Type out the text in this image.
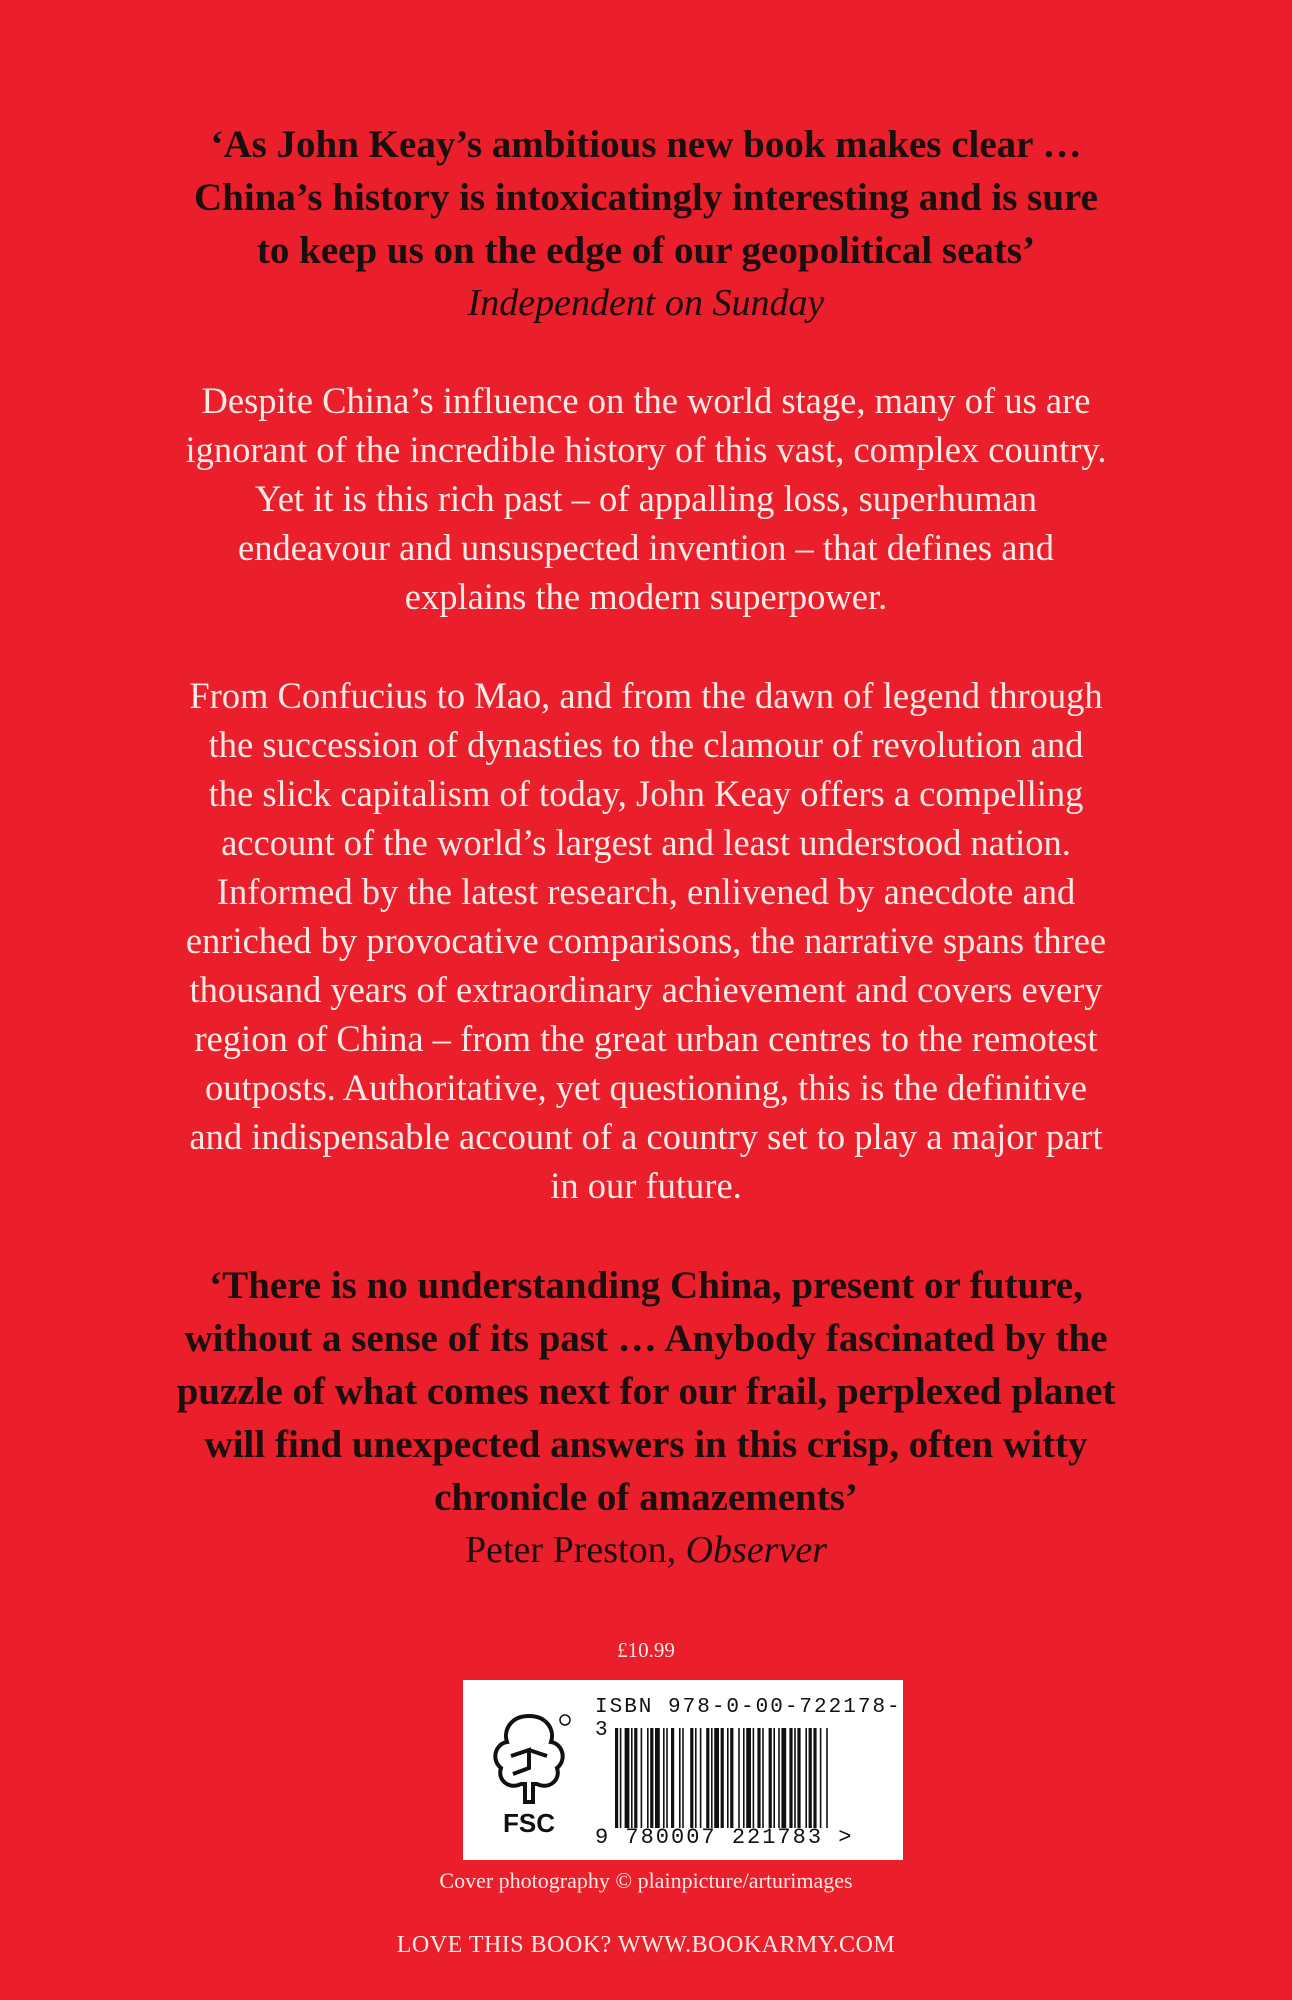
‘As John Keay’s ambitious new book makes clear …
China’s history is intoxicatingly interesting and is sure
to keep us on the edge of our geopolitical seats’
Independent on Sunday
Despite China’s influence on the world stage, many of us are
ignorant of the incredible history of this vast, complex country.
Yet it is this rich past – of appalling loss, superhuman
endeavour and unsuspected invention – that defines and
explains the modern superpower.
From Confucius to Mao, and from the dawn of legend through
the succession of dynasties to the clamour of revolution and
the slick capitalism of today, John Keay offers a compelling
account of the world’s largest and least understood nation.
Informed by the latest research, enlivened by anecdote and
enriched by provocative comparisons, the narrative spans three
thousand years of extraordinary achievement and covers every
region of China – from the great urban centres to the remotest
outposts. Authoritative, yet questioning, this is the definitive
and indispensable account of a country set to play a major part
in our future.
‘There is no understanding China, present or future,
without a sense of its past … Anybody fascinated by the
puzzle of what comes next for our frail, perplexed planet
will find unexpected answers in this crisp, often witty
chronicle of amazements’
Peter Preston, Observer
£10.99
ISBN 978-0-00-722178-3
FSC 9 780007 221783 >
Cover photography © plainpicture/arturimages
LOVE THIS BOOK? WWW.BOOKARMY.COM
